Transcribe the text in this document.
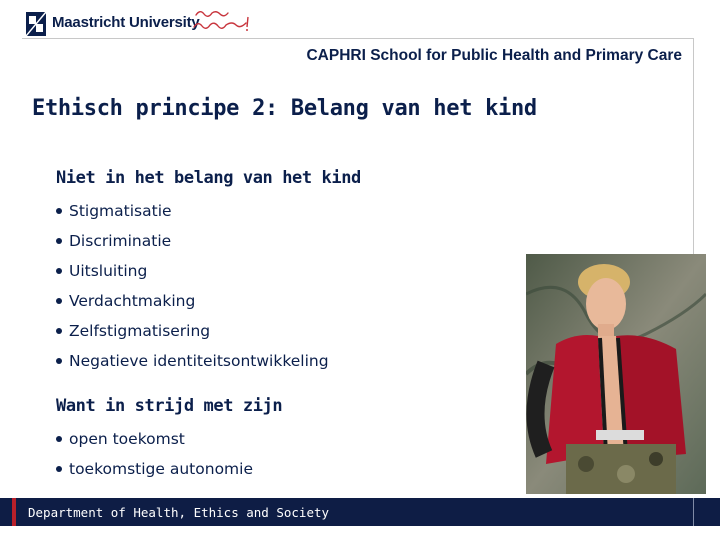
Maastricht University
CAPHRI School for Public Health and Primary Care
Ethisch principe 2: Belang van het kind
Niet in het belang van het kind
Stigmatisatie
Discriminatie
Uitsluiting
Verdachtmaking
Zelfstigmatisering
Negatieve identiteitsontwikkeling
Want in strijd met zijn
open toekomst
toekomstige autonomie
Department of Health, Ethics and Society
